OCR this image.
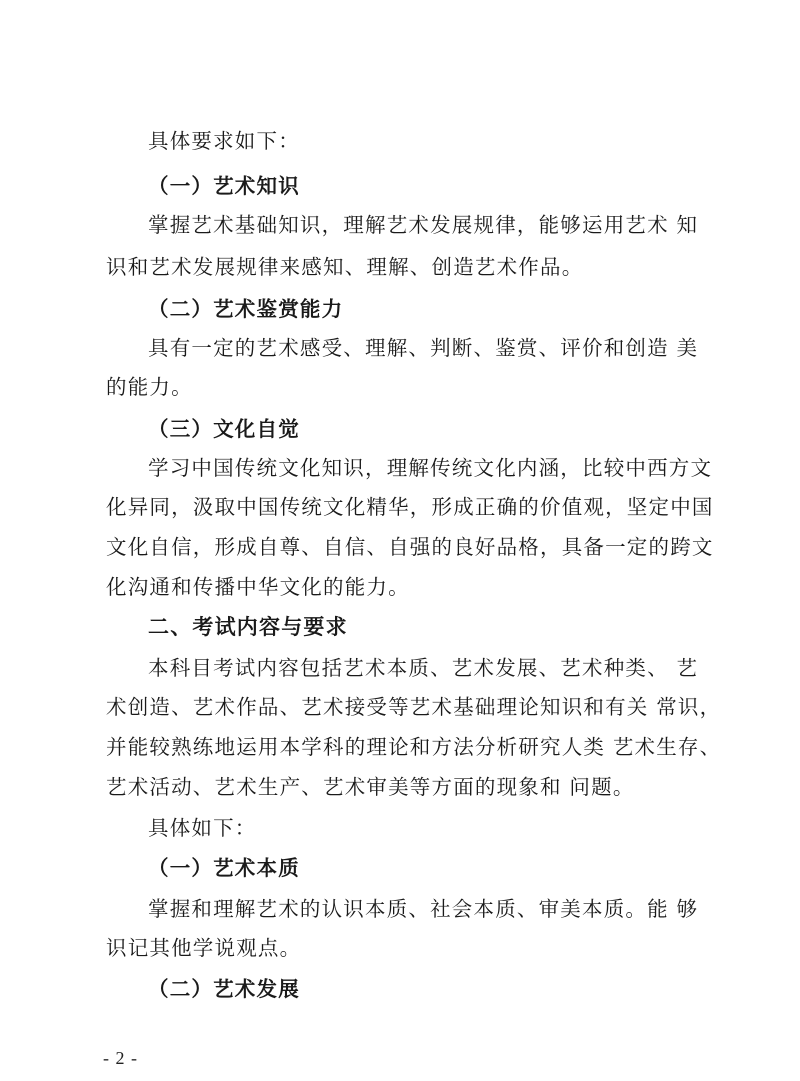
具体要求如下：
（一）艺术知识
掌握艺术基础知识，理解艺术发展规律，能够运用艺术 知
识和艺术发展规律来感知、理解、创造艺术作品。
（二）艺术鉴赏能力
具有一定的艺术感受、理解、判断、鉴赏、评价和创造 美
的能力。
（三）文化自觉
学习中国传统文化知识，理解传统文化内涵，比较中西方文
化异同，汲取中国传统文化精华，形成正确的价值观，坚定中国
文化自信，形成自尊、自信、自强的良好品格，具备一定的跨文
化沟通和传播中华文化的能力。
二、考试内容与要求
本科目考试内容包括艺术本质、艺术发展、艺术种类、 艺
术创造、艺术作品、艺术接受等艺术基础理论知识和有关 常识，
并能较熟练地运用本学科的理论和方法分析研究人类 艺术生存、
艺术活动、艺术生产、艺术审美等方面的现象和 问题。
具体如下：
（一）艺术本质
掌握和理解艺术的认识本质、社会本质、审美本质。能 够
识记其他学说观点。
（二）艺术发展
- 2 -
